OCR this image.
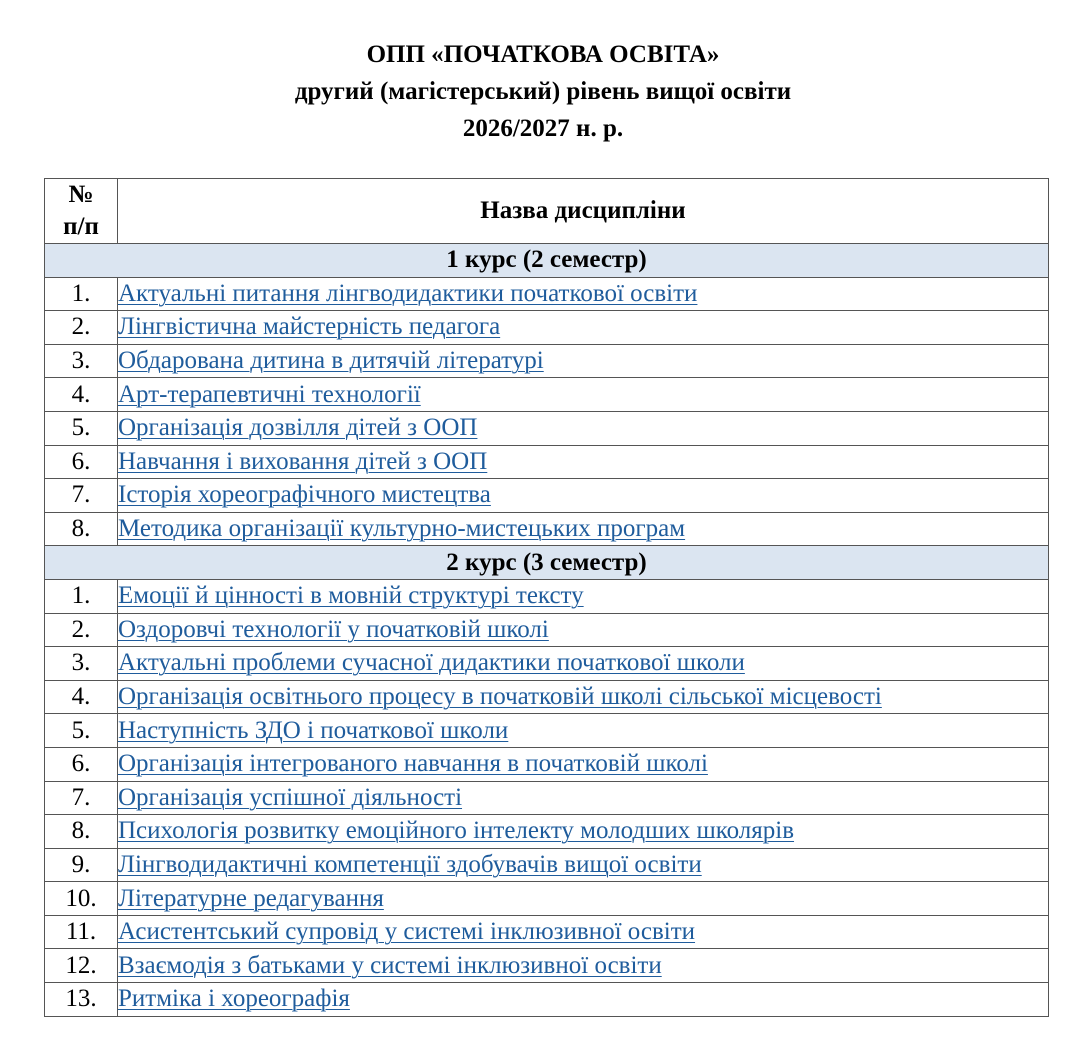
ОПП «ПОЧАТКОВА ОСВІТА»
другий (магістерський) рівень вищої освіти
2026/2027 н. р.
№
п/п	Назва дисципліни
1 курс (2 семестр)	
1.	Актуальні питання лінгводидактики початкової освіти
2.	Лінгвістична майстерність педагога
3.	Обдарована дитина в дитячій літературі
4.	Арт-терапевтичні технології
5.	Організація дозвілля дітей з ООП
6.	Навчання і виховання дітей з ООП
7.	Історія хореографічного мистецтва
8.	Методика організації культурно-мистецьких програм
2 курс (3 семестр)	
1.	Емоції й цінності в мовній структурі тексту
2.	Оздоровчі технології у початковій школі
3.	Актуальні проблеми сучасної дидактики початкової школи
4.	Організація освітнього процесу в початковій школі сільської місцевості
5.	Наступність ЗДО і початкової школи
6.	Організація інтегрованого навчання в початковій школі
7.	Організація успішної діяльності
8.	Психологія розвитку емоційного інтелекту молодших школярів
9.	Лінгводидактичні компетенції здобувачів вищої освіти
10.	Літературне редагування
11.	Асистентський супровід у системі інклюзивної освіти
12.	Взаємодія з батьками у системі інклюзивної освіти
13.	Ритміка і хореографія
